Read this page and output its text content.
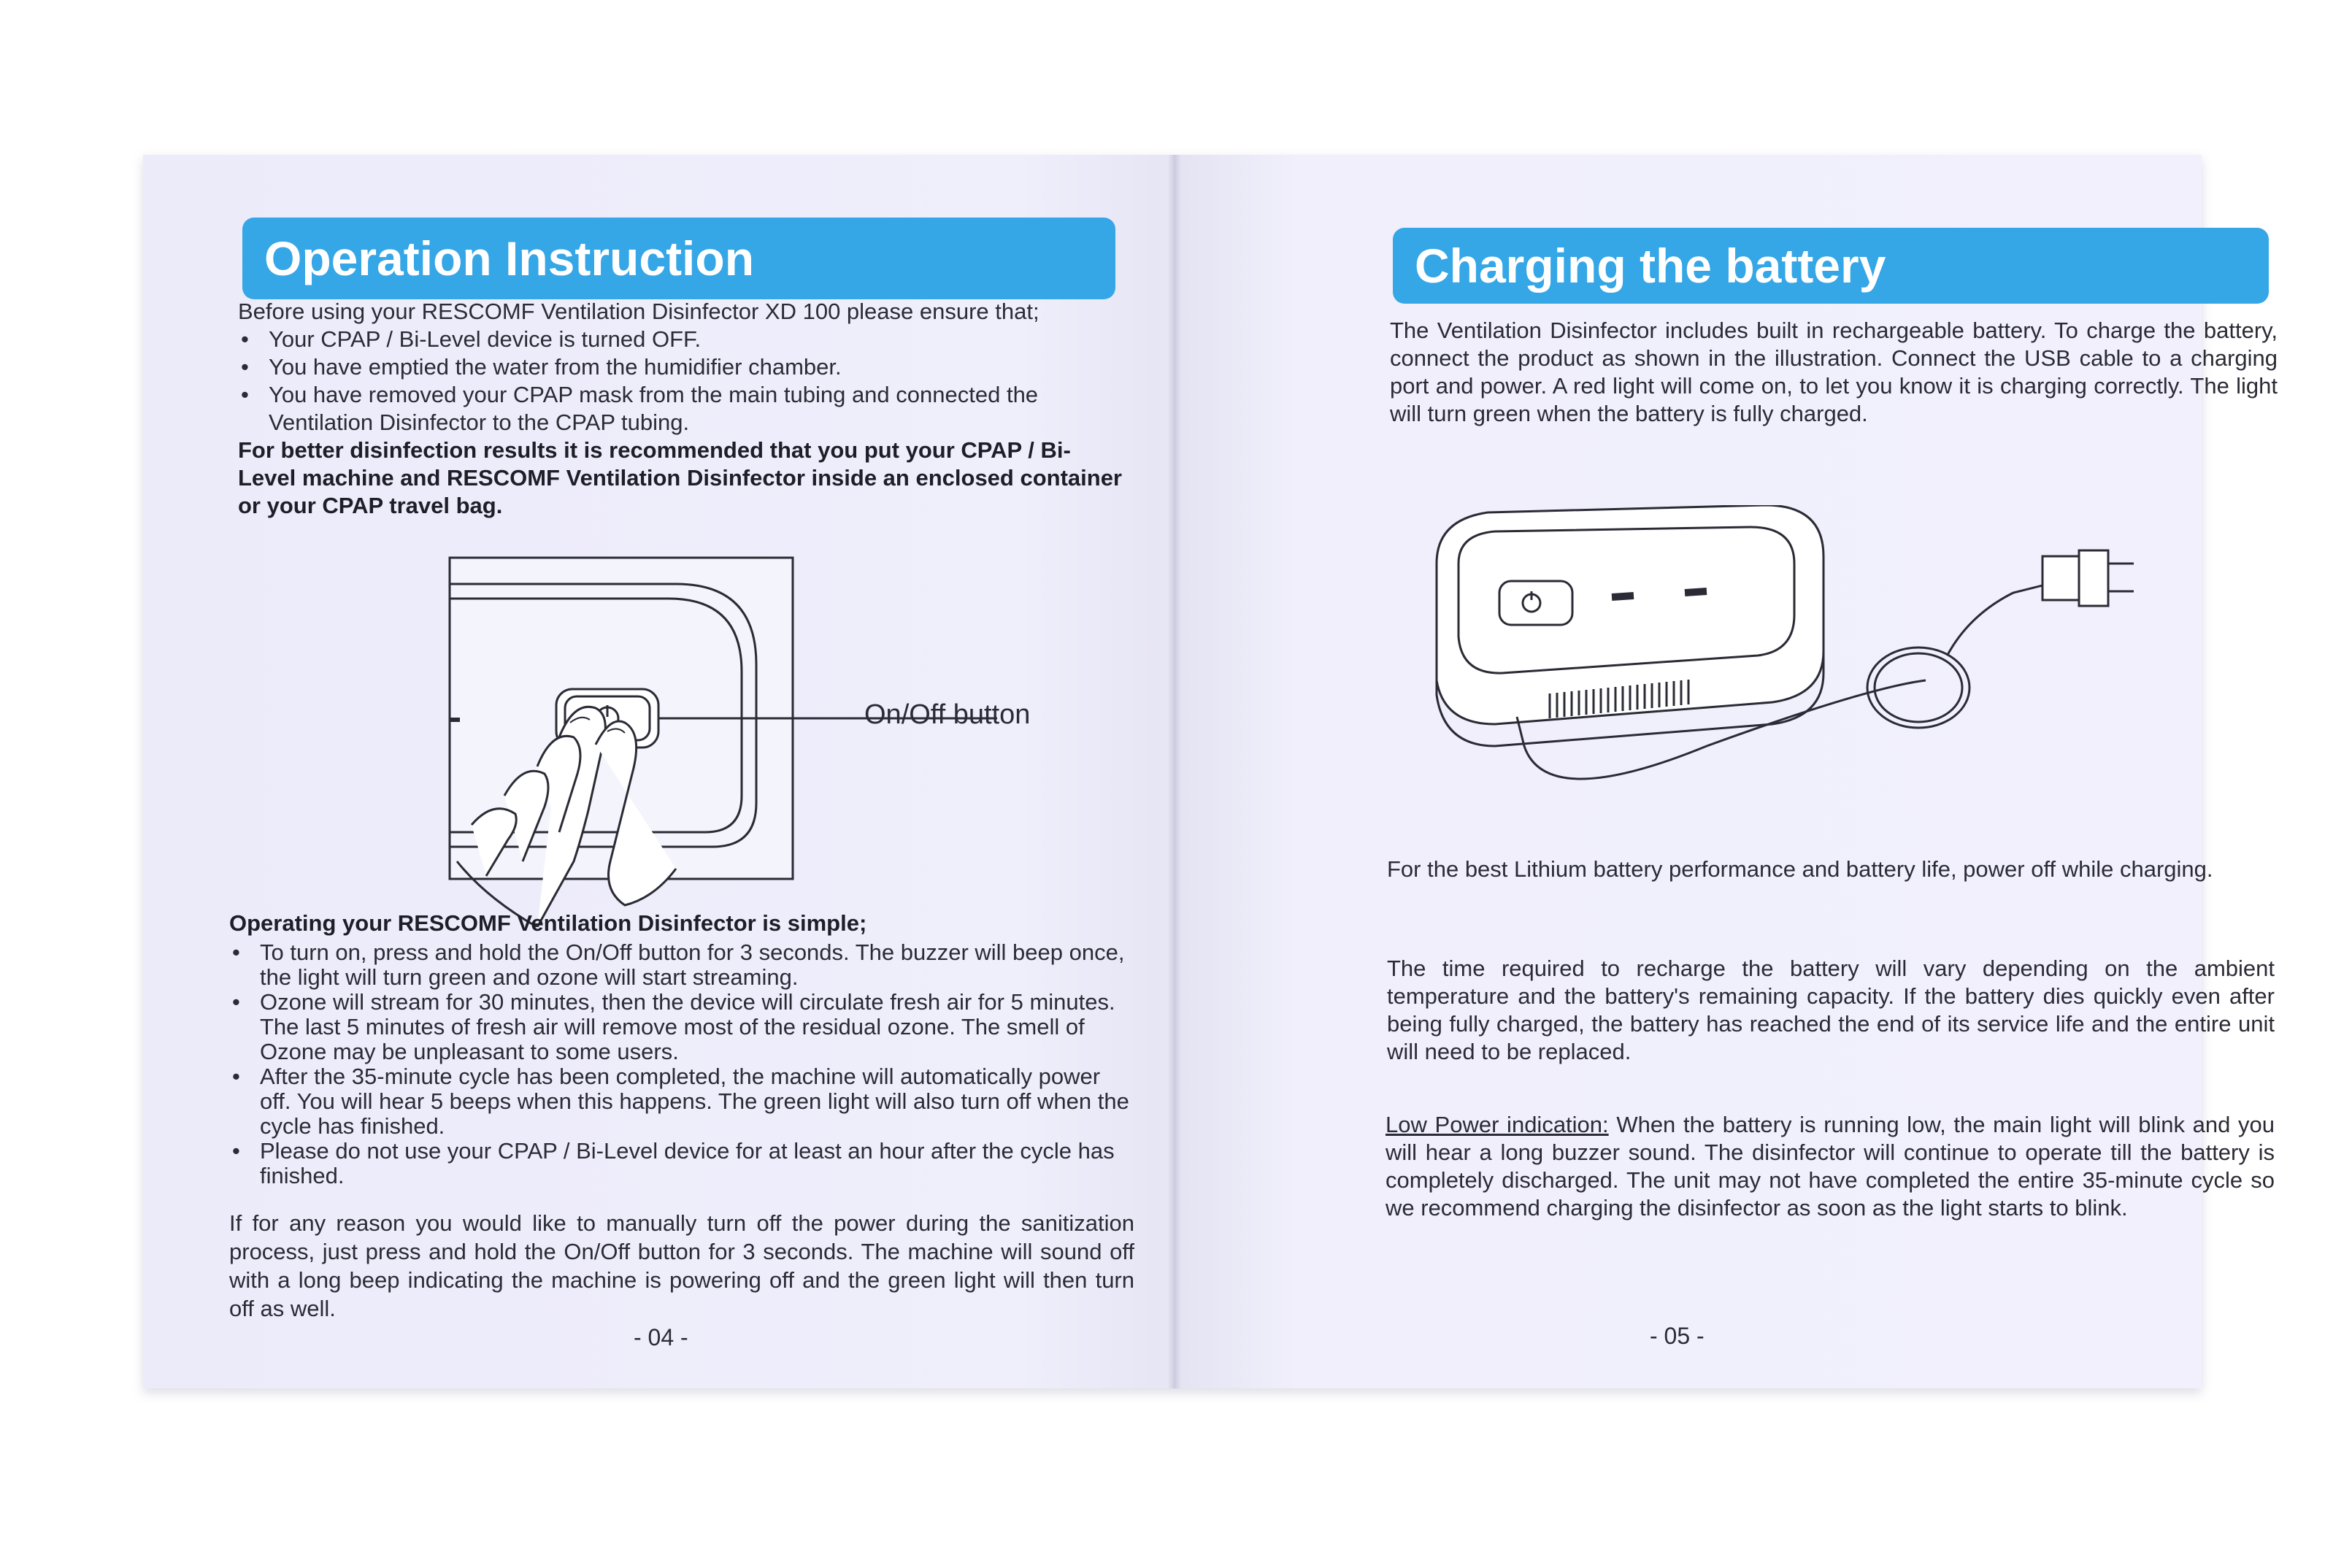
Operation Instruction

Before using your RESCOMF Ventilation Disinfector XD 100 please ensure that;

• Your CPAP / Bi-Level device is turned OFF.
• You have emptied the water from the humidifier chamber.
• You have removed your CPAP mask from the main tubing and connected the Ventilation Disinfector to the CPAP tubing.

For better disinfection results it is recommended that you put your CPAP / Bi-Level machine and RESCOMF Ventilation Disinfector inside an enclosed container or your CPAP travel bag.

On/Off button

Operating your RESCOMF Ventilation Disinfector is simple;

• To turn on, press and hold the On/Off button for 3 seconds. The buzzer will beep once, the light will turn green and ozone will start streaming.
• Ozone will stream for 30 minutes, then the device will circulate fresh air for 5 minutes. The last 5 minutes of fresh air will remove most of the residual ozone. The smell of Ozone may be unpleasant to some users.
• After the 35-minute cycle has been completed, the machine will automatically power off. You will hear 5 beeps when this happens. The green light will also turn off when the cycle has finished.
• Please do not use your CPAP / Bi-Level device for at least an hour after the cycle has finished.

If for any reason you would like to manually turn off the power during the sanitization process, just press and hold the On/Off button for 3 seconds. The machine will sound off with a long beep indicating the machine is powering off and the green light will then turn off as well.

- 04 -
Charging the battery

The Ventilation Disinfector includes built in rechargeable battery. To charge the battery, connect the product as shown in the illustration. Connect the USB cable to a charging port and power. A red light will come on, to let you know it is charging correctly. The light will turn green when the battery is fully charged.

For the best Lithium battery performance and battery life, power off while charging.

The time required to recharge the battery will vary depending on the ambient temperature and the battery's remaining capacity. If the battery dies quickly even after being fully charged, the battery has reached the end of its service life and the entire unit will need to be replaced.

Low Power indication: When the battery is running low, the main light will blink and you will hear a long buzzer sound. The disinfector will continue to operate till the battery is completely discharged. The unit may not have completed the entire 35-minute cycle so we recommend charging the disinfector as soon as the light starts to blink.

- 05 -
